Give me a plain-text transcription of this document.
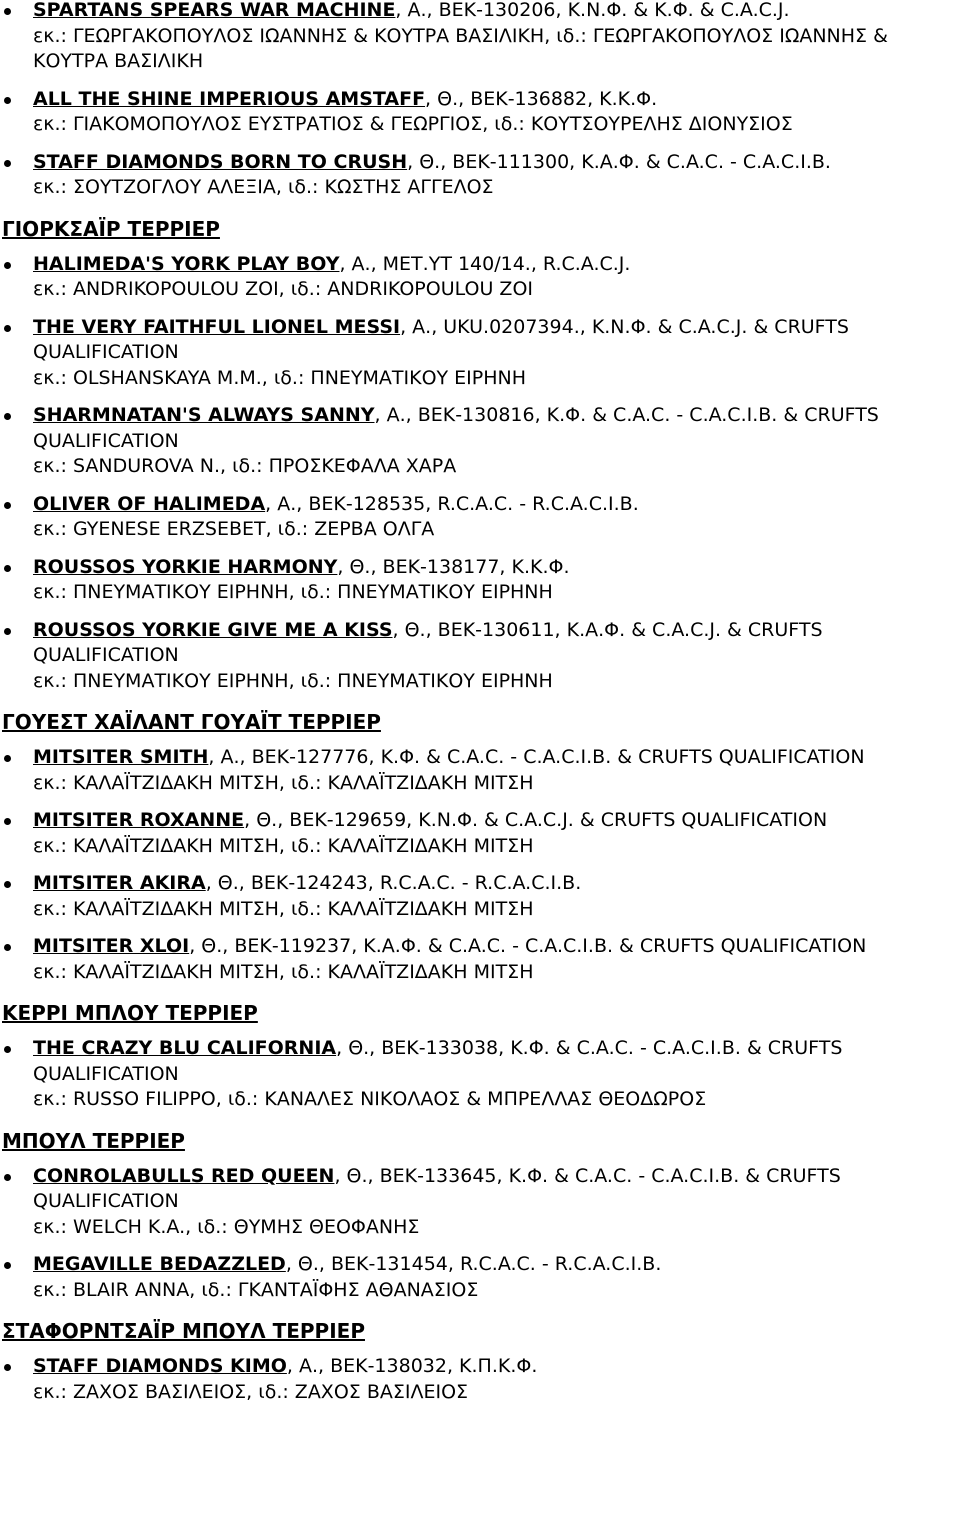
SPARTANS SPEARS WAR MACHINE, Α., ΒΕΚ-130206, Κ.Ν.Φ. & Κ.Φ. & C.A.C.J.
εκ.: ΓΕΩΡΓΑΚΟΠΟΥΛΟΣ ΙΩΑΝΝΗΣ & ΚΟΥΤΡΑ ΒΑΣΙΛΙΚΗ, ιδ.: ΓΕΩΡΓΑΚΟΠΟΥΛΟΣ ΙΩΑΝΝΗΣ &
ΚΟΥΤΡΑ ΒΑΣΙΛΙΚΗ
ALL THE SHINE IMPERIOUS AMSTAFF, Θ., ΒΕΚ-136882, Κ.Κ.Φ.
εκ.: ΓΙΑΚΟΜΟΠΟΥΛΟΣ ΕΥΣΤΡΑΤΙΟΣ & ΓΕΩΡΓΙΟΣ, ιδ.: ΚΟΥΤΣΟΥΡΕΛΗΣ ΔΙΟΝΥΣΙΟΣ
STAFF DIAMONDS BORN TO CRUSH, Θ., ΒΕΚ-111300, Κ.Α.Φ. & C.A.C. - C.A.C.I.B.
εκ.: ΣΟΥΤΖΟΓΛΟΥ ΑΛΕΞΙΑ, ιδ.: ΚΩΣΤΗΣ ΑΓΓΕΛΟΣ
ΓΙΟΡΚΣΑΪΡ ΤΕΡΡΙΕΡ
HALIMEDA'S YORK PLAY BOY, Α., ΜΕΤ.ΥΤ 140/14., R.C.A.C.J.
εκ.: ANDRIKOPOULOU ZOI, ιδ.: ANDRIKOPOULOU ZOI
THE VERY FAITHFUL LIONEL MESSI, Α., UKU.0207394., Κ.Ν.Φ. & C.A.C.J. & CRUFTS
QUALIFICATION
εκ.: OLSHANSKAYA M.M., ιδ.: ΠΝΕΥΜΑΤΙΚΟΥ ΕΙΡΗΝΗ
SHARMNATAN'S ALWAYS SANNY, Α., ΒΕΚ-130816, Κ.Φ. & C.A.C. - C.A.C.I.B. & CRUFTS
QUALIFICATION
εκ.: SANDUROVA N., ιδ.: ΠΡΟΣΚΕΦΑΛΑ ΧΑΡΑ
OLIVER OF HALIMEDA, Α., ΒΕΚ-128535, R.C.A.C. - R.C.A.C.I.B.
εκ.: GYENESE ERZSEBET, ιδ.: ΖΕΡΒΑ ΟΛΓΑ
ROUSSOS YORKIE HARMONY, Θ., ΒΕΚ-138177, Κ.Κ.Φ.
εκ.: ΠΝΕΥΜΑΤΙΚΟΥ ΕΙΡΗΝΗ, ιδ.: ΠΝΕΥΜΑΤΙΚΟΥ ΕΙΡΗΝΗ
ROUSSOS YORKIE GIVE ME A KISS, Θ., ΒΕΚ-130611, Κ.Α.Φ. & C.A.C.J. & CRUFTS
QUALIFICATION
εκ.: ΠΝΕΥΜΑΤΙΚΟΥ ΕΙΡΗΝΗ, ιδ.: ΠΝΕΥΜΑΤΙΚΟΥ ΕΙΡΗΝΗ
ΓΟΥΕΣΤ ΧΑΪΛΑΝΤ ΓΟΥΑΪΤ ΤΕΡΡΙΕΡ
MITSITER SMITH, Α., ΒΕΚ-127776, Κ.Φ. & C.A.C. - C.A.C.I.B. & CRUFTS QUALIFICATION
εκ.: ΚΑΛΑΪΤΖΙΔΑΚΗ ΜΙΤΣΗ, ιδ.: ΚΑΛΑΪΤΖΙΔΑΚΗ ΜΙΤΣΗ
MITSITER ROXANNE, Θ., ΒΕΚ-129659, Κ.Ν.Φ. & C.A.C.J. & CRUFTS QUALIFICATION
εκ.: ΚΑΛΑΪΤΖΙΔΑΚΗ ΜΙΤΣΗ, ιδ.: ΚΑΛΑΪΤΖΙΔΑΚΗ ΜΙΤΣΗ
MITSITER AKIRA, Θ., ΒΕΚ-124243, R.C.A.C. - R.C.A.C.I.B.
εκ.: ΚΑΛΑΪΤΖΙΔΑΚΗ ΜΙΤΣΗ, ιδ.: ΚΑΛΑΪΤΖΙΔΑΚΗ ΜΙΤΣΗ
MITSITER XLOI, Θ., ΒΕΚ-119237, Κ.Α.Φ. & C.A.C. - C.A.C.I.B. & CRUFTS QUALIFICATION
εκ.: ΚΑΛΑΪΤΖΙΔΑΚΗ ΜΙΤΣΗ, ιδ.: ΚΑΛΑΪΤΖΙΔΑΚΗ ΜΙΤΣΗ
ΚΕΡΡΙ ΜΠΛΟΥ ΤΕΡΡΙΕΡ
THE CRAZY BLU CALIFORNIA, Θ., ΒΕΚ-133038, Κ.Φ. & C.A.C. - C.A.C.I.B. & CRUFTS
QUALIFICATION
εκ.: RUSSO FILIPPO, ιδ.: ΚΑΝΑΛΕΣ ΝΙΚΟΛΑΟΣ & ΜΠΡΕΛΛΑΣ ΘΕΟΔΩΡΟΣ
ΜΠΟΥΛ ΤΕΡΡΙΕΡ
CONROLABULLS RED QUEEN, Θ., ΒΕΚ-133645, Κ.Φ. & C.A.C. - C.A.C.I.B. & CRUFTS
QUALIFICATION
εκ.: WELCH K.A., ιδ.: ΘΥΜΗΣ ΘΕΟΦΑΝΗΣ
MEGAVILLE BEDAZZLED, Θ., ΒΕΚ-131454, R.C.A.C. - R.C.A.C.I.B.
εκ.: BLAIR ANNA, ιδ.: ΓΚΑΝΤΑΪΦΗΣ ΑΘΑΝΑΣΙΟΣ
ΣΤΑΦΟΡΝΤΣΑΪΡ ΜΠΟΥΛ ΤΕΡΡΙΕΡ
STAFF DIAMONDS KIMO, Α., ΒΕΚ-138032, Κ.Π.Κ.Φ.
εκ.: ΖΑΧΟΣ ΒΑΣΙΛΕΙΟΣ, ιδ.: ΖΑΧΟΣ ΒΑΣΙΛΕΙΟΣ
